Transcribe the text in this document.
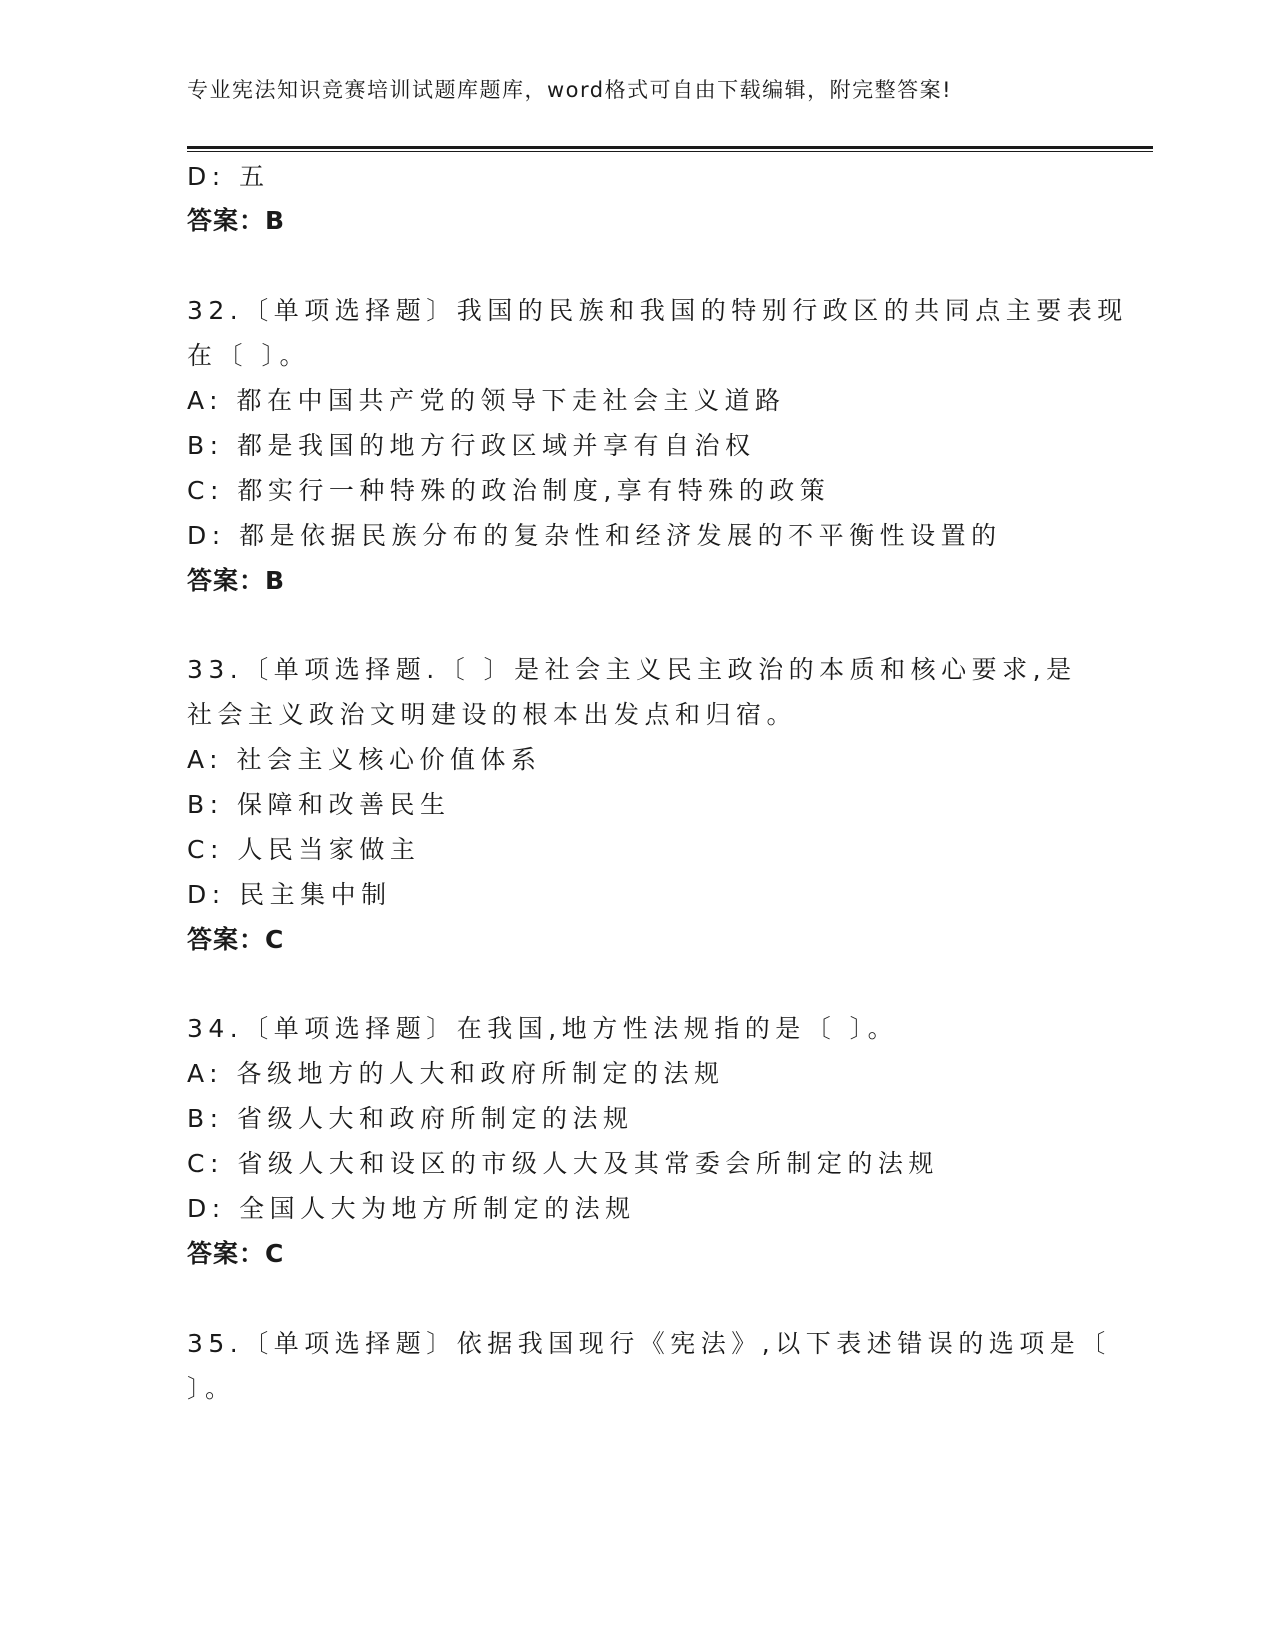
专业宪法知识竞赛培训试题库题库，word格式可自由下载编辑，附完整答案!
D: 五
答案：B
32.〔单项选择题〕我国的民族和我国的特别行政区的共同点主要表现
在〔 〕。
A: 都在中国共产党的领导下走社会主义道路
B: 都是我国的地方行政区域并享有自治权
C: 都实行一种特殊的政治制度,享有特殊的政策
D: 都是依据民族分布的复杂性和经济发展的不平衡性设置的
答案：B
33.〔单项选择题.〔 〕是社会主义民主政治的本质和核心要求,是
社会主义政治文明建设的根本出发点和归宿。
A: 社会主义核心价值体系
B: 保障和改善民生
C: 人民当家做主
D: 民主集中制
答案：C
34.〔单项选择题〕在我国,地方性法规指的是〔 〕。
A: 各级地方的人大和政府所制定的法规
B: 省级人大和政府所制定的法规
C: 省级人大和设区的市级人大及其常委会所制定的法规
D: 全国人大为地方所制定的法规
答案：C
35.〔单项选择题〕依据我国现行《宪法》,以下表述错误的选项是〔
〕。
